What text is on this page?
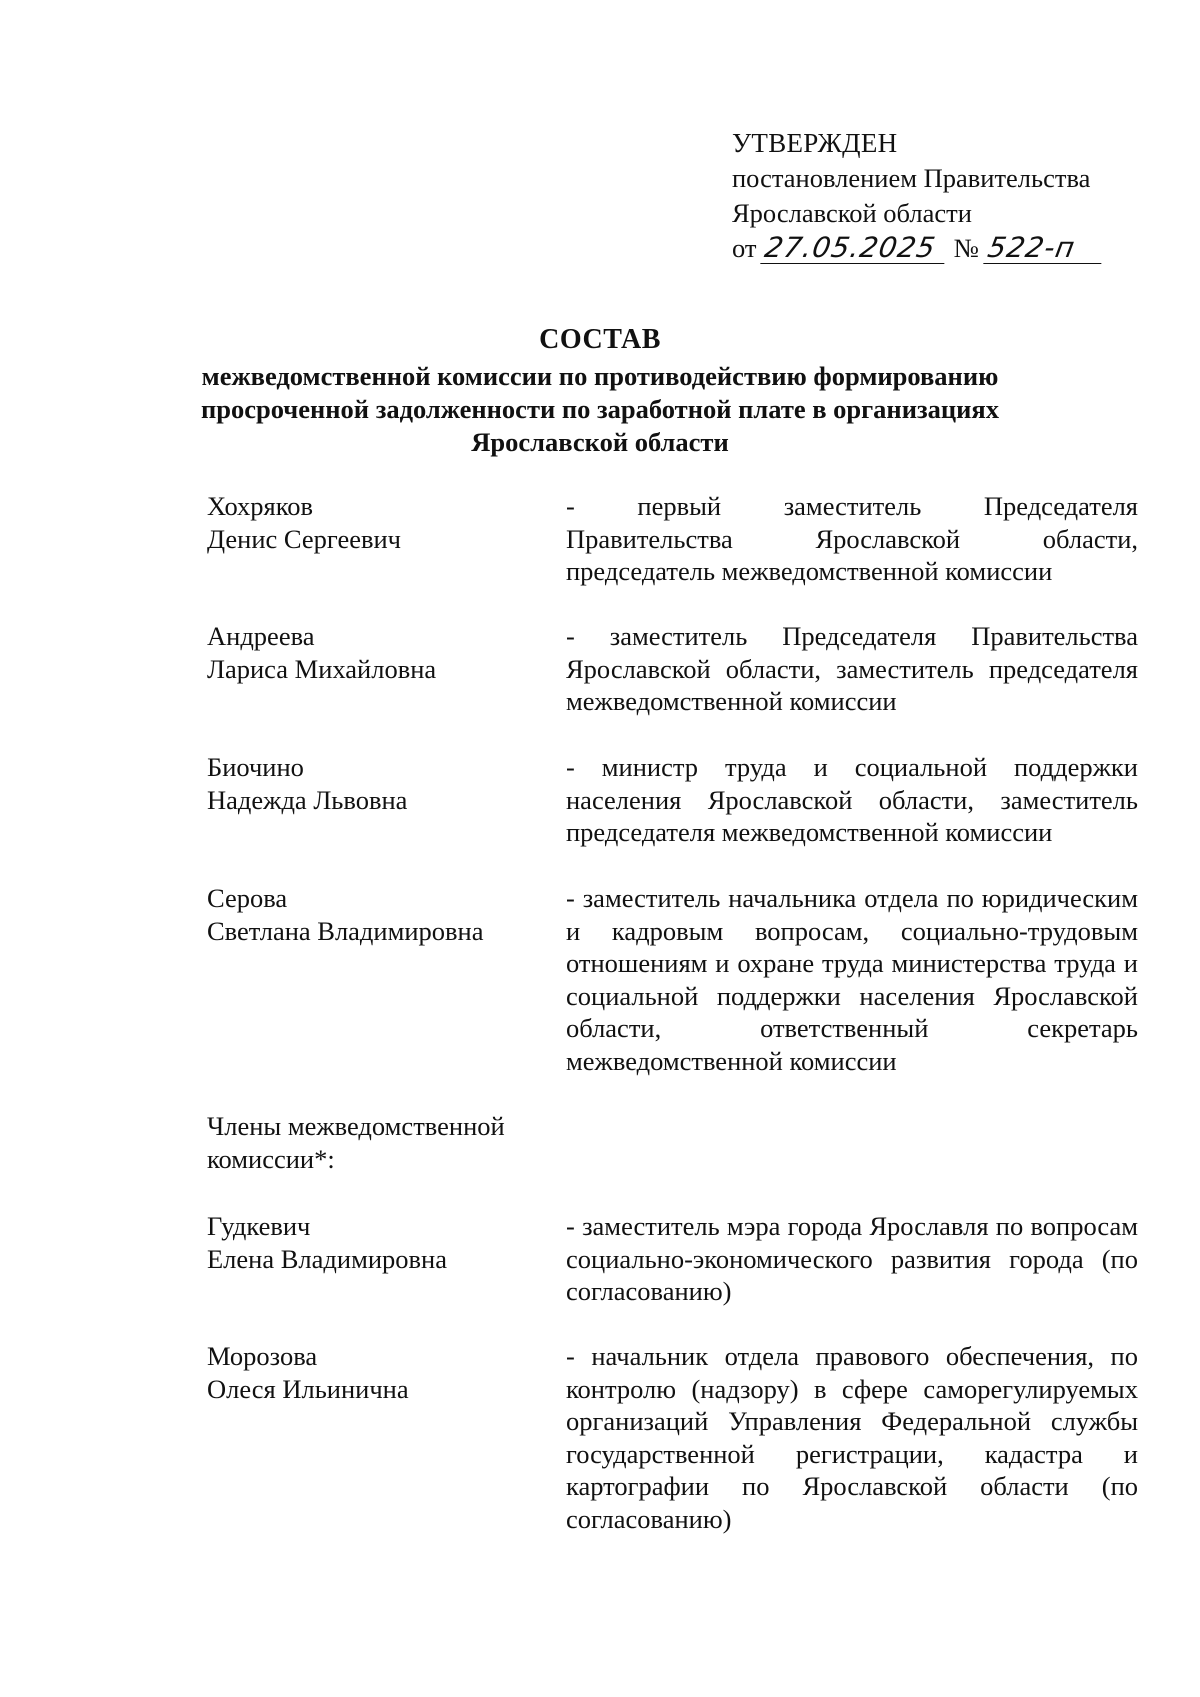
УТВЕРЖДЕН
постановлением Правительства
Ярославской области
от 27.05.2025 № 522-п
СОСТАВ
межведомственной комиссии по противодействию формированию
просроченной задолженности по заработной плате в организациях
Ярославской области
Хохряков
Денис Сергеевич
- первый заместитель Председателя Правительства Ярославской области, председатель межведомственной комиссии
Андреева
Лариса Михайловна
- заместитель Председателя Правительства Ярославской области, заместитель председателя межведомственной комиссии
Биочино
Надежда Львовна
- министр труда и социальной поддержки населения Ярославской области, заместитель председателя межведомственной комиссии
Серова
Светлана Владимировна
- заместитель начальника отдела по юридическим и кадровым вопросам, социально-трудовым отношениям и охране труда министерства труда и социальной поддержки населения Ярославской области, ответственный секретарь межведомственной комиссии
Члены межведомственной
комиссии*:
Гудкевич
Елена Владимировна
- заместитель мэра города Ярославля по вопросам социально-экономического развития города (по согласованию)
Морозова
Олеся Ильинична
- начальник отдела правового обеспечения, по контролю (надзору) в сфере саморегулируемых организаций Управления Федеральной службы государственной регистрации, кадастра и картографии по Ярославской области (по согласованию)
